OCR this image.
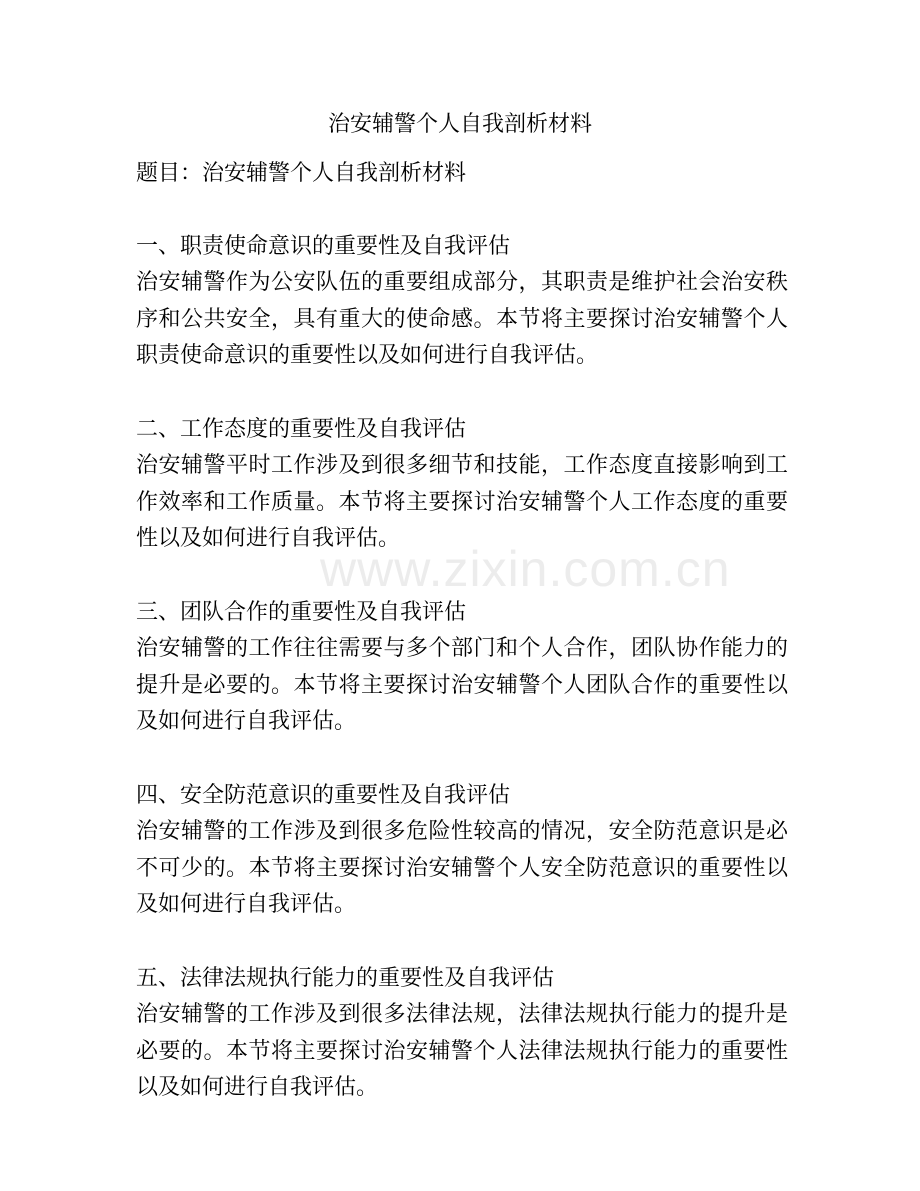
治安辅警个人自我剖析材料

题目：治安辅警个人自我剖析材料

一、职责使命意识的重要性及自我评估

治安辅警作为公安队伍的重要组成部分，其职责是维护社会治安秩序和公共安全，具有重大的使命感。本节将主要探讨治安辅警个人职责使命意识的重要性以及如何进行自我评估。

二、工作态度的重要性及自我评估

治安辅警平时工作涉及到很多细节和技能，工作态度直接影响到工作效率和工作质量。本节将主要探讨治安辅警个人工作态度的重要性以及如何进行自我评估。

三、团队合作的重要性及自我评估

治安辅警的工作往往需要与多个部门和个人合作，团队协作能力的提升是必要的。本节将主要探讨治安辅警个人团队合作的重要性以及如何进行自我评估。

四、安全防范意识的重要性及自我评估

治安辅警的工作涉及到很多危险性较高的情况，安全防范意识是必不可少的。本节将主要探讨治安辅警个人安全防范意识的重要性以及如何进行自我评估。

五、法律法规执行能力的重要性及自我评估

治安辅警的工作涉及到很多法律法规，法律法规执行能力的提升是必要的。本节将主要探讨治安辅警个人法律法规执行能力的重要性以及如何进行自我评估。

www.zixin.com.cn
